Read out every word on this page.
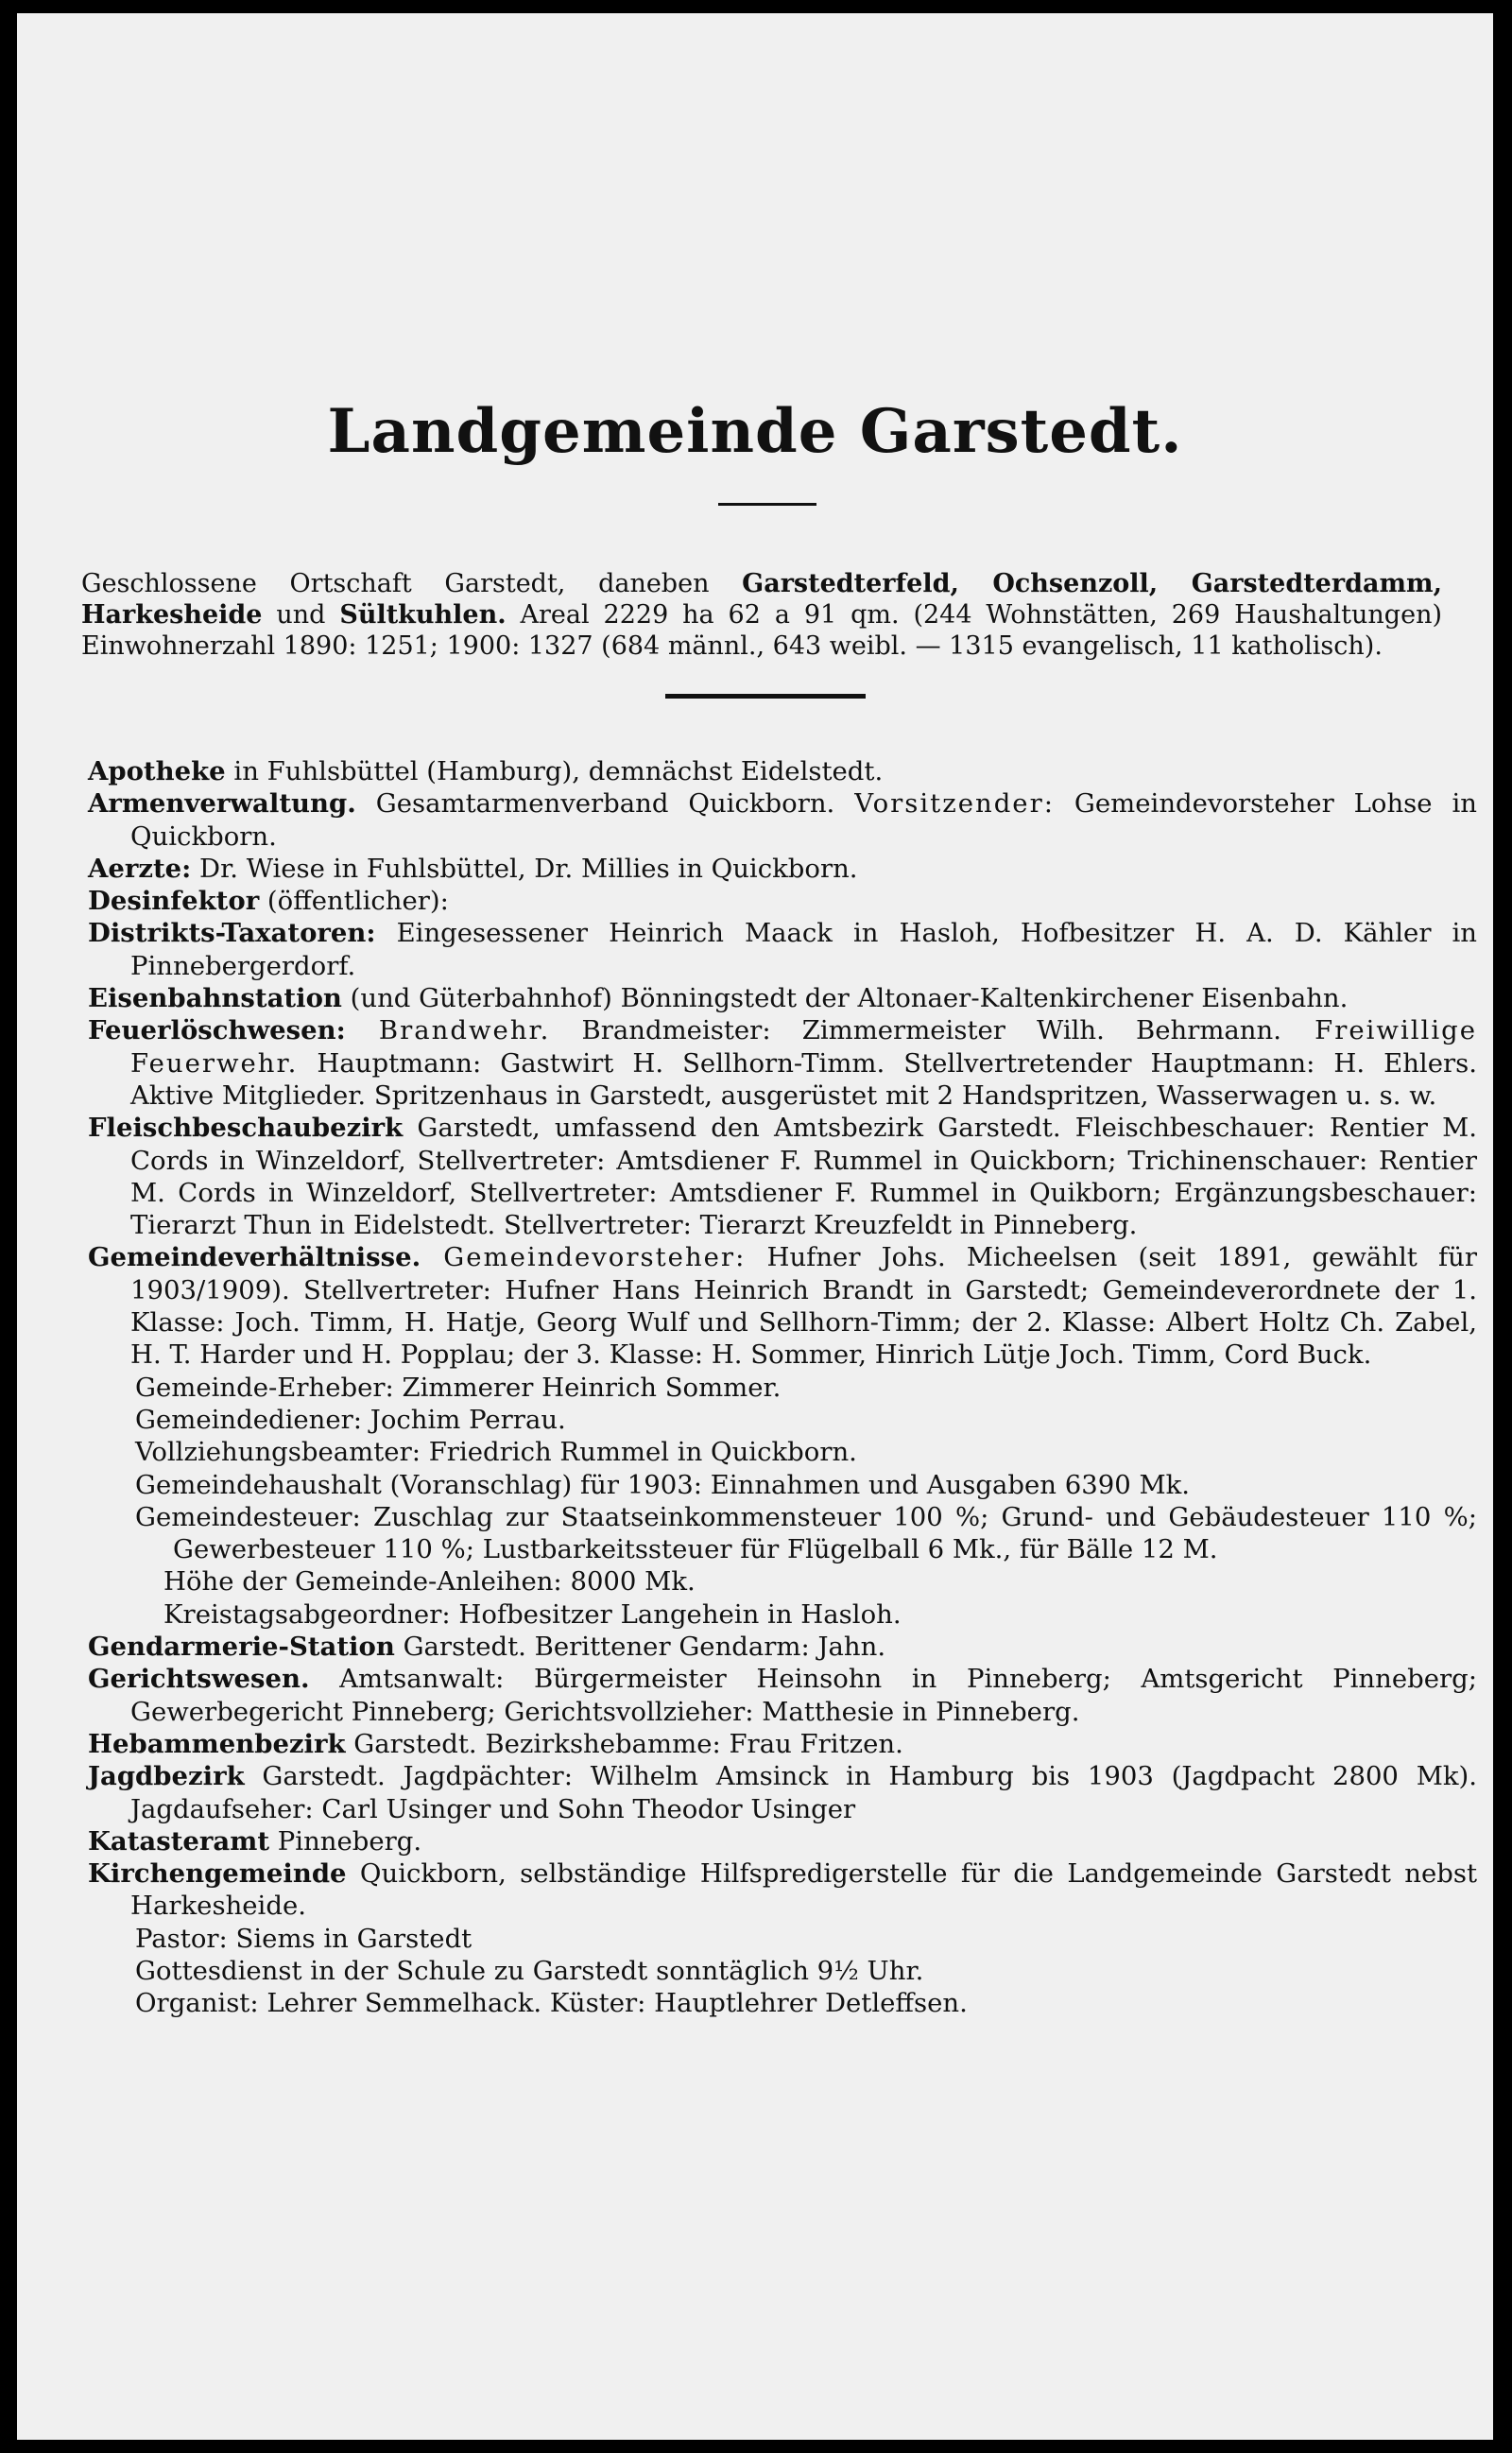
Landgemeinde Garstedt.

Geschlossene Ortschaft Garstedt, daneben Garstedterfeld, Ochsenzoll, Garstedterdamm, Harkesheide und Sültkuhlen. Areal 2229 ha 62 a 91 qm. (244 Wohnstätten, 269 Haushaltungen) Einwohnerzahl 1890: 1251; 1900: 1327 (684 männl., 643 weibl. — 1315 evangelisch, 11 katholisch).

Apotheke in Fuhlsbüttel (Hamburg), demnächst Eidelstedt.

Armenverwaltung. Gesamtarmenverband Quickborn. Vorsitzender: Gemeindevorsteher Lohse in Quickborn.

Aerzte: Dr. Wiese in Fuhlsbüttel, Dr. Millies in Quickborn.

Desinfektor (öffentlicher):

Distrikts-Taxatoren: Eingesessener Heinrich Maack in Hasloh, Hofbesitzer H. A. D. Kähler in Pinnebergerdorf.

Eisenbahnstation (und Güterbahnhof) Bönningstedt der Altonaer-Kaltenkirchener Eisenbahn.

Feuerlöschwesen: Brandwehr. Brandmeister: Zimmermeister Wilh. Behrmann. Freiwillige Feuerwehr. Hauptmann: Gastwirt H. Sellhorn-Timm. Stellvertretender Hauptmann: H. Ehlers. Aktive Mitglieder. Spritzenhaus in Garstedt, ausgerüstet mit 2 Handspritzen, Wasserwagen u. s. w.

Fleischbeschaubezirk Garstedt, umfassend den Amtsbezirk Garstedt. Fleischbeschauer: Rentier M. Cords in Winzeldorf, Stellvertreter: Amtsdiener F. Rummel in Quickborn; Trichinenschauer: Rentier M. Cords in Winzeldorf, Stellvertreter: Amtsdiener F. Rummel in Quikborn; Ergänzungsbeschauer: Tierarzt Thun in Eidelstedt. Stellvertreter: Tierarzt Kreuzfeldt in Pinneberg.

Gemeindeverhältnisse. Gemeindevorsteher: Hufner Johs. Micheelsen (seit 1891, gewählt für 1903/1909). Stellvertreter: Hufner Hans Heinrich Brandt in Garstedt; Gemeindeverordnete der 1. Klasse: Joch. Timm, H. Hatje, Georg Wulf und Sellhorn-Timm; der 2. Klasse: Albert Holtz Ch. Zabel, H. T. Harder und H. Popplau; der 3. Klasse: H. Sommer, Hinrich Lütje Joch. Timm, Cord Buck.

Gemeinde-Erheber: Zimmerer Heinrich Sommer.

Gemeindediener: Jochim Perrau.

Vollziehungsbeamter: Friedrich Rummel in Quickborn.

Gemeindehaushalt (Voranschlag) für 1903: Einnahmen und Ausgaben 6390 Mk.

Gemeindesteuer: Zuschlag zur Staatseinkommensteuer 100 %; Grund- und Gebäudesteuer 110 %; Gewerbesteuer 110 %; Lustbarkeitssteuer für Flügelball 6 Mk., für Bälle 12 M.

Höhe der Gemeinde-Anleihen: 8000 Mk.

Kreistagsabgeordner: Hofbesitzer Langehein in Hasloh.

Gendarmerie-Station Garstedt. Berittener Gendarm: Jahn.

Gerichtswesen. Amtsanwalt: Bürgermeister Heinsohn in Pinneberg; Amtsgericht Pinneberg; Gewerbegericht Pinneberg; Gerichtsvollzieher: Matthesie in Pinneberg.

Hebammenbezirk Garstedt. Bezirkshebamme: Frau Fritzen.

Jagdbezirk Garstedt. Jagdpächter: Wilhelm Amsinck in Hamburg bis 1903 (Jagdpacht 2800 Mk). Jagdaufseher: Carl Usinger und Sohn Theodor Usinger

Katasteramt Pinneberg.

Kirchengemeinde Quickborn, selbständige Hilfspredigerstelle für die Landgemeinde Garstedt nebst Harkesheide.

Pastor: Siems in Garstedt

Gottesdienst in der Schule zu Garstedt sonntäglich 9½ Uhr.

Organist: Lehrer Semmelhack. Küster: Hauptlehrer Detleffsen.
